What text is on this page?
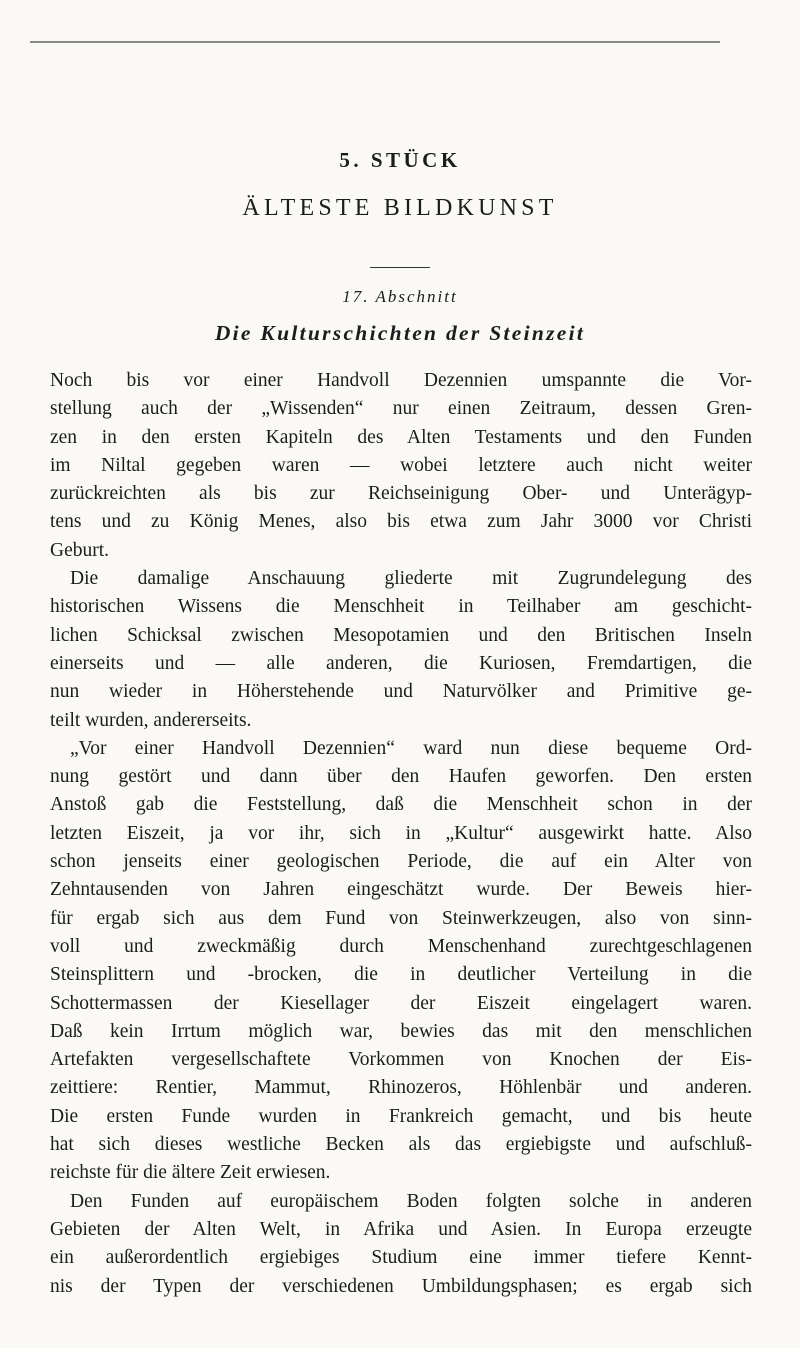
5. STÜCK
ÄLTESTE BILDKUNST
17. Abschnitt
Die Kulturschichten der Steinzeit
Noch bis vor einer Handvoll Dezennien umspannte die Vor-
stellung auch der „Wissenden“ nur einen Zeitraum, dessen Gren-
zen in den ersten Kapiteln des Alten Testaments und den Funden
im Niltal gegeben waren — wobei letztere auch nicht weiter
zurückreichten als bis zur Reichseinigung Ober- und Unterägyp-
tens und zu König Menes, also bis etwa zum Jahr 3000 vor Christi
Geburt.
Die damalige Anschauung gliederte mit Zugrundelegung des
historischen Wissens die Menschheit in Teilhaber am geschicht-
lichen Schicksal zwischen Mesopotamien und den Britischen Inseln
einerseits und — alle anderen, die Kuriosen, Fremdartigen, die
nun wieder in Höherstehende und Naturvölker and Primitive ge-
teilt wurden, andererseits.
„Vor einer Handvoll Dezennien“ ward nun diese bequeme Ord-
nung gestört und dann über den Haufen geworfen. Den ersten
Anstoß gab die Feststellung, daß die Menschheit schon in der
letzten Eiszeit, ja vor ihr, sich in „Kultur“ ausgewirkt hatte. Also
schon jenseits einer geologischen Periode, die auf ein Alter von
Zehntausenden von Jahren eingeschätzt wurde. Der Beweis hier-
für ergab sich aus dem Fund von Steinwerkzeugen, also von sinn-
voll und zweckmäßig durch Menschenhand zurechtgeschlagenen
Steinsplittern und -brocken, die in deutlicher Verteilung in die
Schottermassen der Kiesellager der Eiszeit eingelagert waren.
Daß kein Irrtum möglich war, bewies das mit den menschlichen
Artefakten vergesellschaftete Vorkommen von Knochen der Eis-
zeittiere: Rentier, Mammut, Rhinozeros, Höhlenbär und anderen.
Die ersten Funde wurden in Frankreich gemacht, und bis heute
hat sich dieses westliche Becken als das ergiebigste und aufschluß-
reichste für die ältere Zeit erwiesen.
Den Funden auf europäischem Boden folgten solche in anderen
Gebieten der Alten Welt, in Afrika und Asien. In Europa erzeugte
ein außerordentlich ergiebiges Studium eine immer tiefere Kennt-
nis der Typen der verschiedenen Umbildungsphasen; es ergab sich
